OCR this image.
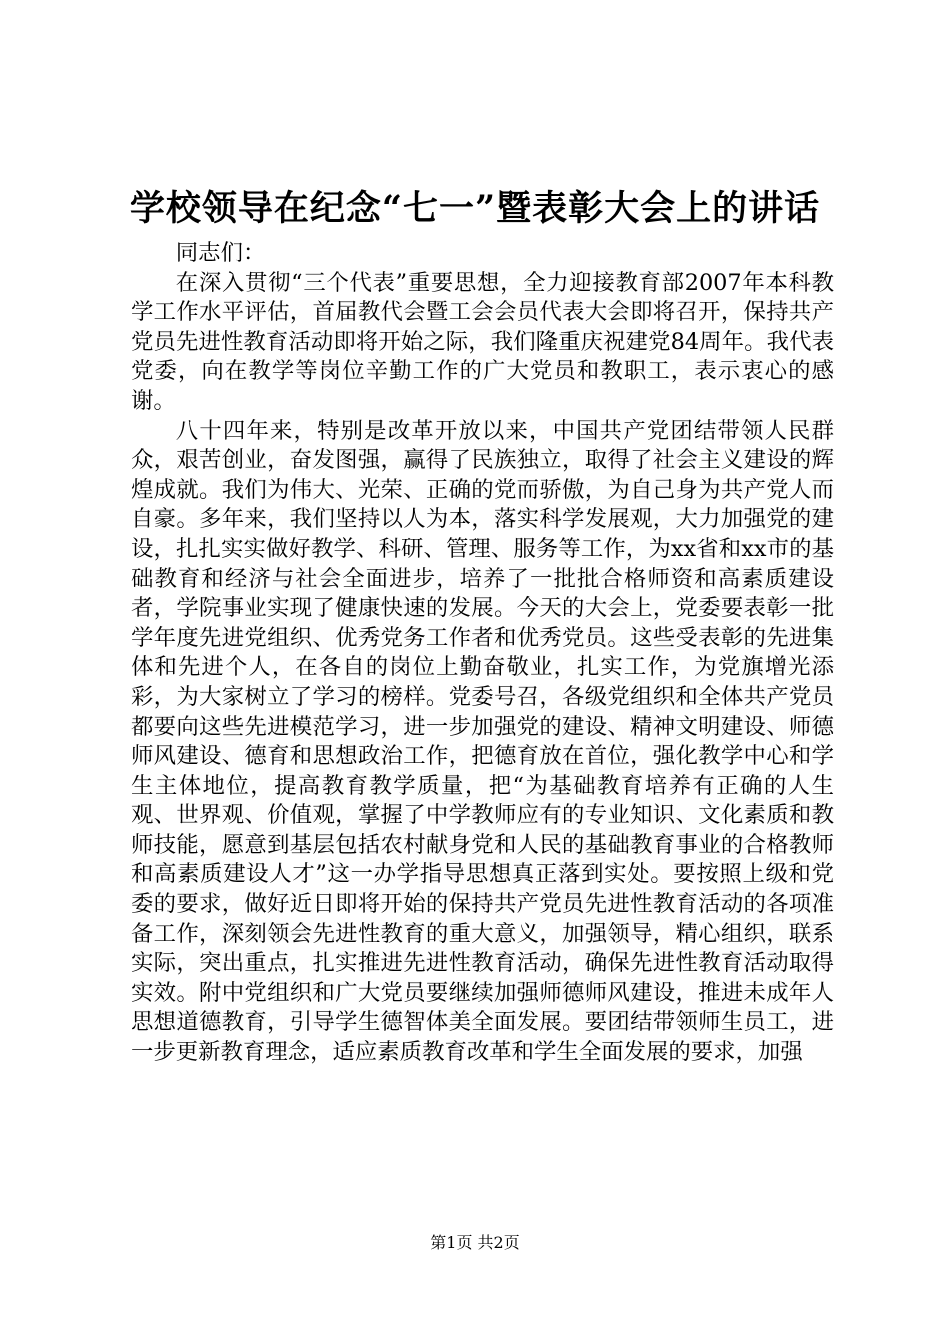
学校领导在纪念“七一”暨表彰大会上的讲话

同志们：

在深入贯彻“三个代表”重要思想，全力迎接教育部2007年本科教学工作水平评估，首届教代会暨工会会员代表大会即将召开，保持共产党员先进性教育活动即将开始之际，我们隆重庆祝建党84周年。我代表党委，向在教学等岗位辛勤工作的广大党员和教职工，表示衷心的感谢。

八十四年来，特别是改革开放以来，中国共产党团结带领人民群众，艰苦创业，奋发图强，赢得了民族独立，取得了社会主义建设的辉煌成就。我们为伟大、光荣、正确的党而骄傲，为自己身为共产党人而自豪。多年来，我们坚持以人为本，落实科学发展观，大力加强党的建设，扎扎实实做好教学、科研、管理、服务等工作，为xx省和xx市的基础教育和经济与社会全面进步，培养了一批批合格师资和高素质建设者，学院事业实现了健康快速的发展。今天的大会上，党委要表彰一批学年度先进党组织、优秀党务工作者和优秀党员。这些受表彰的先进集体和先进个人，在各自的岗位上勤奋敬业，扎实工作，为党旗增光添彩，为大家树立了学习的榜样。党委号召，各级党组织和全体共产党员都要向这些先进模范学习，进一步加强党的建设、精神文明建设、师德师风建设、德育和思想政治工作，把德育放在首位，强化教学中心和学生主体地位，提高教育教学质量，把“为基础教育培养有正确的人生观、世界观、价值观，掌握了中学教师应有的专业知识、文化素质和教师技能，愿意到基层包括农村献身党和人民的基础教育事业的合格教师和高素质建设人才”这一办学指导思想真正落到实处。要按照上级和党委的要求，做好近日即将开始的保持共产党员先进性教育活动的各项准备工作，深刻领会先进性教育的重大意义，加强领导，精心组织，联系实际，突出重点，扎实推进先进性教育活动，确保先进性教育活动取得实效。附中党组织和广大党员要继续加强师德师风建设，推进未成年人思想道德教育，引导学生德智体美全面发展。要团结带领师生员工，进一步更新教育理念，适应素质教育改革和学生全面发展的要求，加强

第1页 共2页
